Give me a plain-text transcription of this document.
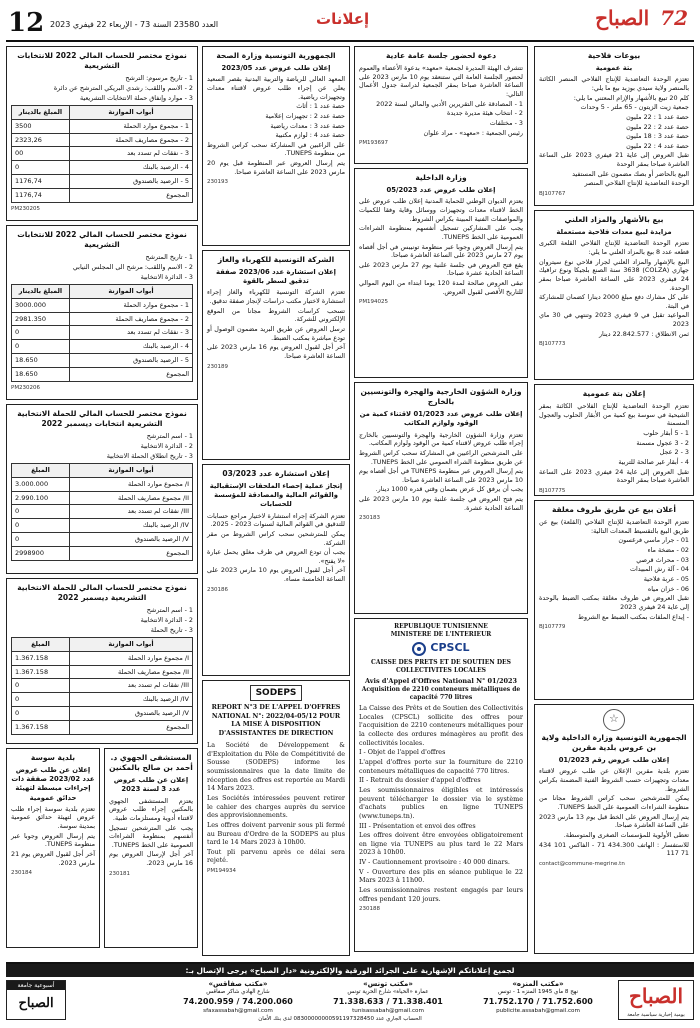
72 الصباح
إعلانات
العدد 23580 السنة 73 - الإربعاء 22 فيفري 2023
12
بيوعات فلاحية
بتة عمومية
تعتزم الوحدة التعاضدية للإنتاج الفلاحي المنصر الكائنة بالمنصر ولاية سيدي بوزيد بيع ما يلي:
كلم 20 تبيع بالأشهار والإزام المعتني ما يلي:
جمعية زيت الزيتون - 65 ملتر - 5 وحدات
حصة عدد 1 : 22 مليون
حصة عدد 2 : 22 مليون
حصة عدد 3 : 18 مليون
حصة عدد 4 : 22 مليون
تقبل العروض إلى غاية 21 فيفري 2023 على الساعة العاشرة صباحا بمقر الوحدة
البيع بالحاضر أو بصك مضمون على المستفيد
الوحدة التعاضدية للإنتاج الفلاحي المنصر
BJ107767
بيع بالأشهار والمزاد العلني
مزايدة لبيع معدات فلاحية مستعملة
تعتزم الوحدة التعاضدية للإنتاج الفلاحي القلعة الكبرى قطعه عدد 8 بيع بالمزاد العلني ما يلي:
البيع بالإشهار والمزاد العلني لجرار فلاحي نوع سيتروان جهازي (COLZA) 3638 سنة الصنع بلجيكا ونوع ترافيك 24 فيفري 2023 على الساعة العاشرة صباحا بمقر الوحدة.
على كل مشارك دفع مبلغ 2000 دينارا كضمان للمشاركة في البتة.
المواعيد تقبل في 9 فيفري 2023 وتنتهي في 30 ماي 2023
ثمن الانطلاق : 22.842.577 دينار
BJ107773
إعلان بتة عمومية
تعتزم الوحدة التعاضدية للإنتاج الفلاحي الكائنة بمقر الشيحية في سوسة بيع كمية من الأبقار الحلوب والعجول المسمنة
1 - 5 أبقار حلوب
2 - 3 عجول مسمنة
3 - 2 عجل
4 - أبقار غير صالحة للتربية
تقبل العروض إلى غاية 24 فيفري 2023 على الساعة العاشرة صباحا بمقر الوحدة
BJ107775
أعلان بيع عن طريق طروف مغلقة
تعتزم الوحدة التعاضدية للإنتاج الفلاحي (القلعة) بيع عن طريق البيع بالتقسيط المعدات التالية:
01 - جرار ماسي فرغسون
02 - مضخة ماء
03 - محراث قرصي
04 - آلة رش المبيدات
05 - عربة فلاحية
06 - خزان مياه
تقبل العروض في ظروف مغلقة بمكتب الضبط بالوحدة إلى غاية 24 فيفري 2023
- إيداع الملفات بمكتب الضبط مع الشروط
BJ107779
☆
الجمهورية التونسية وزارة الداخلية ولاية بن عروس بلدية مقرين
إعلان طلب عروض رقم 01/2023
تعتزم بلدية مقرين الإعلان عن طلب عروض لاقتناء معدات وتجهيزات حسب الشروط الفنية المضمنة بكراس الشروط.
يمكن للمترشحين سحب كراس الشروط مجانا من منظومة الشراءات العمومية على الخط TUNEPS.
يتم إرسال العروض على الخط قبل يوم 13 مارس 2023 على الساعة العاشرة صباحا.
تعطى الأولوية للمؤسسات الصغرى والمتوسطة.
للاستفسار : الهاتف 434.300 71 - الفاكس 101 434 71 117
contact@commune-megrine.tn
دعوة لحضور جلسة عامة عادية
تتشرف الهيئة المديرة لجمعية «معهد» بدعوة الأعضاء والعموم لحضور الجلسة العامة التي ستنعقد يوم 10 مارس 2023 على الساعة العاشرة صباحا بمقر الجمعية لدراسة جدول الأعمال التالي:
1 - المصادقة على التقريرين الأدبي والمالي لسنة 2022
2 - انتخاب هيئة مديرة جديدة
3 - مختلفات
رئيس الجمعية : «معهد» - مراد علوان
PM193697
وزارة الداخلية
إعلان طلب عروض عدد 05/2023
يعتزم الديوان الوطني للحماية المدنية إعلان طلب عروض على الخط لاقتناء معدات وتجهيزات ووسائل وقاية وفقا للكميات والمواصفات الفنية المبينة بكراس الشروط.
يجب على المشاركين تسجيل أنفسهم بمنظومة الشراءات العمومية على الخط TUNEPS.
يتم إرسال العروض وجوبا عبر منظومة تونيبس في أجل أقصاه يوم 27 مارس 2023 على الساعة العاشرة صباحا.
يقع فتح العروض في جلسة علنية يوم 27 مارس 2023 على الساعة الحادية عشرة صباحا.
تبقى العروض صالحة لمدة 120 يوما ابتداء من اليوم الموالي للتاريخ الأقصى لقبول العروض.
PM194025
وزارة الشؤون الخارجية والهجرة والتونسيين بالخارج
إعلان طلب عروض عدد 01/2023 لاقتناء كمية من الوقود ولوازم المكاتب
تعتزم وزارة الشؤون الخارجية والهجرة والتونسيين بالخارج إجراء طلب عروض لاقتناء كمية من الوقود ولوازم المكاتب.
على المترشحين الراغبين في المشاركة سحب كراس الشروط عن طريق منظومة الشراء العمومي على الخط TUNEPS.
يتم إرسال العروض عبر منظومة TUNEPS في أجل أقصاه يوم 10 مارس 2023 على الساعة العاشرة صباحا.
يجب أن يرفق كل عرض بضمان وقتي قدره 1000 دينار.
يتم فتح العروض في جلسة علنية يوم 10 مارس 2023 على الساعة الحادية عشرة.
230183
REPUBLIQUE TUNISIENNE
MINISTERE DE L'INTERIEUR
CPSCL
CAISSE DES PRETS ET DE SOUTIEN DES COLLECTIVITES LOCALES
Avis d'Appel d'Offres National N° 01/2023
Acquisition de 2210 conteneurs métalliques de capacité 770 litres
La Caisse des Prêts et de Soutien des Collectivités Locales (CPSCL) sollicite des offres pour l'acquisition de 2210 conteneurs métalliques pour la collecte des ordures ménagères au profit des collectivités locales.
I - Objet de l'appel d'offres
L'appel d'offres porte sur la fourniture de 2210 conteneurs métalliques de capacité 770 litres.
II - Retrait du dossier d'appel d'offres
Les soumissionnaires éligibles et intéressés peuvent télécharger le dossier via le système d'achats publics en ligne TUNEPS (www.tuneps.tn).
III - Présentation et envoi des offres
Les offres doivent être envoyées obligatoirement en ligne via TUNEPS au plus tard le 22 Mars 2023 à 10h00.
IV - Cautionnement provisoire : 40 000 dinars.
V - Ouverture des plis en séance publique le 22 Mars 2023 à 11h00.
Les soumissionnaires restent engagés par leurs offres pendant 120 jours.
230188
الجمهورية التونسية وزارة الصحة
إعلان طلب عروض عدد 2023/05
المعهد العالي للرياضة والتربية البدنية بقصر السعيد يعلن عن إجراء طلب عروض لاقتناء معدات وتجهيزات رياضية.
حصة عدد 1 : أثاث
حصة عدد 2 : تجهيزات إعلامية
حصة عدد 3 : معدات رياضية
حصة عدد 4 : لوازم مكتبية
على الراغبين في المشاركة سحب كراس الشروط من منظومة TUNEPS.
يتم إرسال العروض عبر المنظومة قبل يوم 20 مارس 2023 على الساعة العاشرة صباحا.
230193
الشركة التونسية للكهرباء والغاز
إعلان استشارة عدد 2023/06 صفقة تدقيق لسطر بالقوة
تعتزم الشركة التونسية للكهرباء والغاز إجراء استشارة لاختيار مكتب دراسات لإنجاز صفقة تدقيق.
تسحب كراسات الشروط مجانا من الموقع الإلكتروني للشركة.
ترسل العروض عن طريق البريد مضمون الوصول أو تودع مباشرة بمكتب الضبط.
آخر أجل لقبول العروض يوم 16 مارس 2023 على الساعة العاشرة صباحا.
230189
إعلان استشارة عدد 03/2023
إنجاز عملية إحصاء الملحقات الإستقبالية والقوائم المالية والمصادقة للمؤسسة للحسابات
تعتزم الشركة إجراء استشارة لاختيار مراجع حسابات للتدقيق في القوائم المالية لسنوات 2023 - 2025.
يمكن للمترشحين سحب كراس الشروط من مقر الشركة.
يجب أن تودع العروض في ظرف مغلق يحمل عبارة «لا يفتح».
آخر أجل لقبول العروض يوم 10 مارس 2023 على الساعة الخامسة مساء.
230186
SODEPS
REPORT N°3 DE L'APPEL D'OFFRES NATIONAL N°: 2022/04-05/12 POUR LA MISE À DISPOSITION D'ASSISTANTES DE DIRECTION
La Société de Développement & d'Exploitation du Pôle de Compétitivité de Sousse (SODEPS) informe les soumissionnaires que la date limite de réception des offres est reportée au Mardi 14 Mars 2023.
Les Sociétés intéressées peuvent retirer le cahier des charges auprès du service des approvisionnements.
Les offres doivent parvenir sous pli fermé au Bureau d'Ordre de la SODEPS au plus tard le 14 Mars 2023 à 10h00.
Tout pli parvenu après ce délai sera rejeté.
PM194934
نموذج مختصر للحساب المالي 2022 للانتخابات التشريعية
1 - تاريخ مرسوم: الترشح
2 - الاسم واللقب: رشدي البريكي المترشح عن دائرة
3 - موارد وإنفاق حملة الانتخابات التشريعية
أبواب الموازنة	المبلغ بالدينار
1 - مجموع موارد الحملة	3500
2 - مجموع مصاريف الحملة	2323,26
3 - نفقات لم تسدد بعد	00
4 - الرصيد بالبنك	0
5 - الرصيد بالصندوق	1176,74
المجموع	1176,74
PM230205
نموذج مختصر للحساب المالي 2022 للانتخابات التشريعية
1 - تاريخ المترشح
2 - الاسم واللقب: مرشح الى المجلس النيابي
3 - الدائرة الانتخابية
أبواب الموازنة	المبلغ بالدينار
1 - مجموع موارد الحملة	3000.000
2 - مجموع مصاريف الحملة	2981.350
3 - نفقات لم تسدد بعد	0
4 - الرصيد بالبنك	0
5 - الرصيد بالصندوق	18.650
المجموع	18.650
PM230206
نموذج مختصر للحساب المالي للحملة الانتخابية التشريعية انتخابات ديسمبر 2022
1 - اسم المترشح
2 - الدائرة الانتخابية
3 - تاريخ انطلاق الحملة الانتخابية
أبواب الموازنة	المبلغ
I/ مجموع موارد الحملة	3.000.000
II/ مجموع مصاريف الحملة	2.990.100
III/ نفقات لم تسدد بعد	0
IV/ الرصيد بالبنك	0
V/ الرصيد بالصندوق	0
المجموع	2998900
نموذج مختصر للحساب المالي للحملة الانتخابية التشريعية ديسمبر 2022
1 - اسم المترشح
2 - الدائرة الانتخابية
3 - تاريخ الحملة
أبواب الموازنة	المبلغ
I/ مجموع موارد الحملة	1.367.158
II/ مجموع مصاريف الحملة	1.367.158
III/ نفقات لم تسدد بعد	0
IV/ الرصيد بالبنك	0
V/ الرصيد بالصندوق	0
المجموع	1.367.158
المستشفى الجهوي د. أحمد بن صالح بالمكنين
إعلان عن طلب عروض عدد 3 لسنة 2023
يعتزم المستشفى الجهوي بالمكنين إجراء طلب عروض لاقتناء أدوية ومستلزمات طبية.
يجب على المترشحين تسجيل أنفسهم بمنظومة الشراءات العمومية على الخط TUNEPS.
آخر أجل لإرسال العروض يوم 16 مارس 2023.
230181
بلدية سوسة
إعلان عن طلب عروض عدد 2023/02 صفقة ذات إجراءات مبسطة لتهيئة حدائق عمومية
تعتزم بلدية سوسة إجراء طلب عروض لتهيئة حدائق عمومية بمدينة سوسة.
يتم إرسال العروض وجوبا عبر منظومة TUNEPS.
آخر أجل لقبول العروض يوم 21 مارس 2023.
230184
لجميع إعلاناتكم الإشهارية على الجرائد الورقية والإلكترونية «دار الصباح» يرجى الإتصال بـ:
الصباح
يومية إخبارية سياسية جامعة
«مكتب المنزه»
نهج 8 ماي 1945 المنزه 1 - تونس
71.752.170 / 71.752.600
publicite.assabah@gmail.com
«مكتب تونس»
عمارة «الحياة» شارع الحرية تونس
71.338.633 / 71.338.401
tunisassabah@gmail.com
«مكتب صفاقس»
شارع الهادي شاكر صفاقس
74.200.959 / 74.200.060
sfaxassabah@gmail.com
أسبوعية جامعة
الصباح
الحساب الجاري عدد 08300000000591197328450 لدى بنك الأمان
